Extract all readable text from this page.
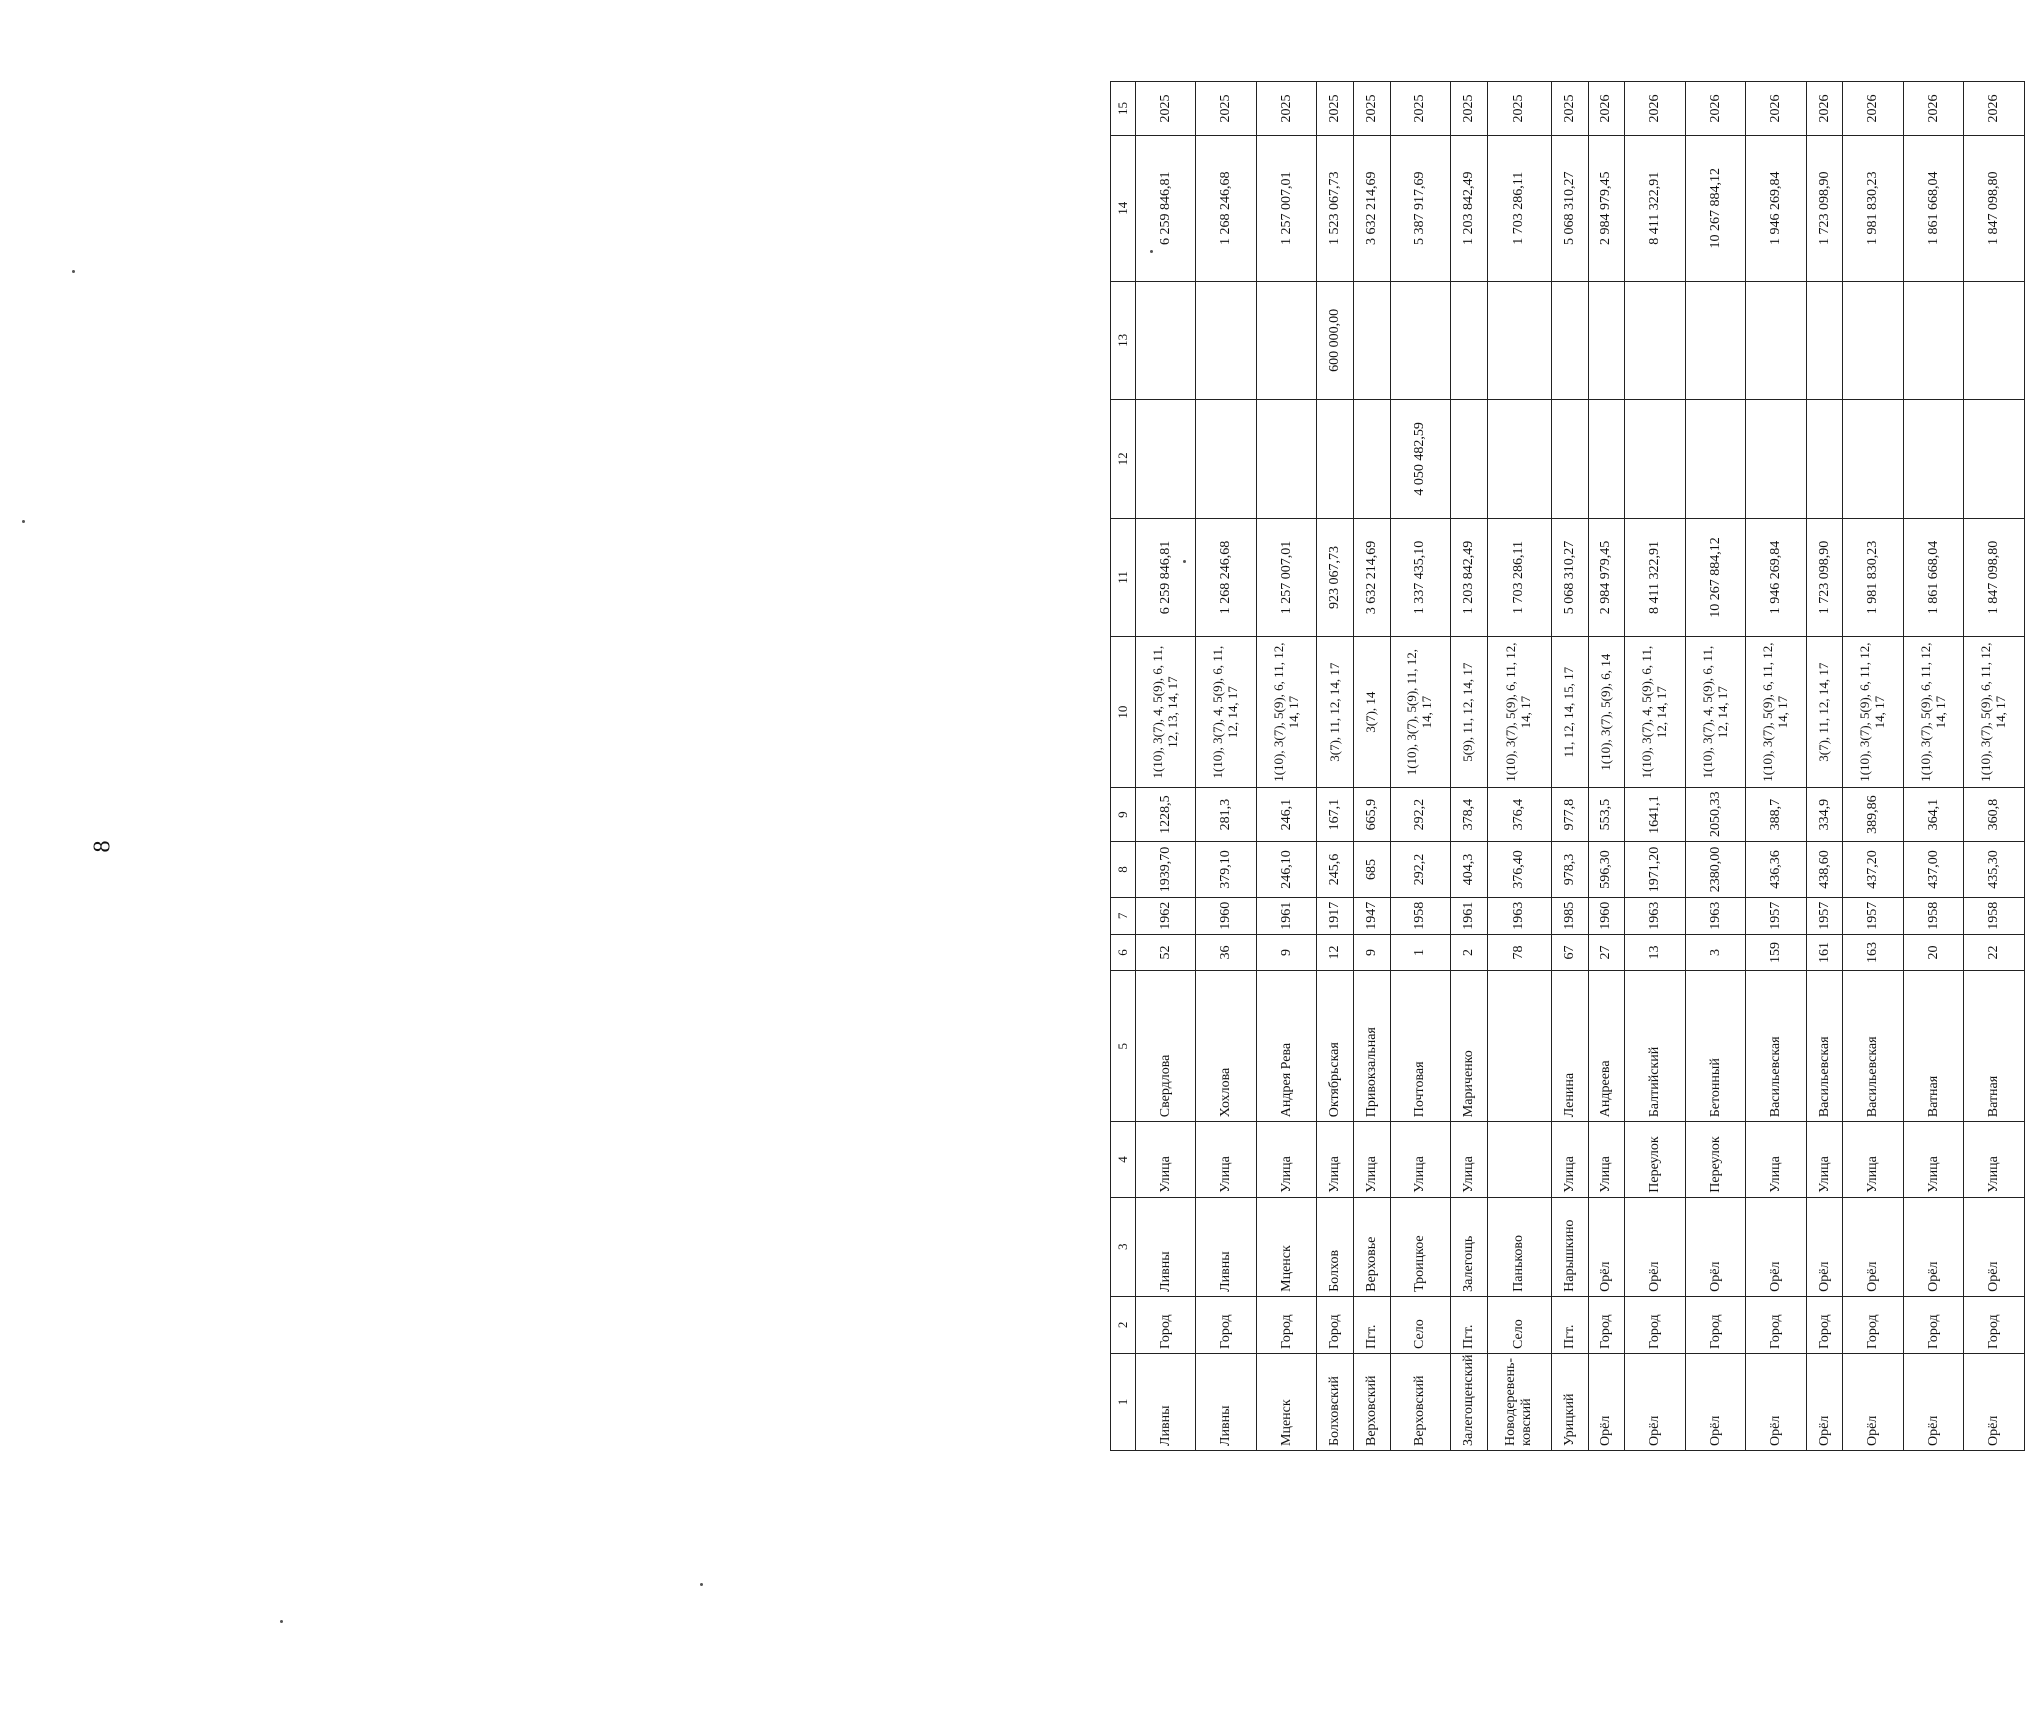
8
1	2	3	4	5	6	7	8	9	10	11	12	13	14	15
Ливны	Город	Ливны	Улица	Свердлова	52	1962	1939,70	1228,5	1(10), 3(7), 4, 5(9), 6, 11, 12, 13, 14, 17	6 259 846,81			6 259 846,81	2025
Ливны	Город	Ливны	Улица	Хохлова	36	1960	379,10	281,3	1(10), 3(7), 4, 5(9), 6, 11, 12, 14, 17	1 268 246,68			1 268 246,68	2025
Мценск	Город	Мценск	Улица	Андрея Рева	9	1961	246,10	246,1	1(10), 3(7), 5(9), 6, 11, 12, 14, 17	1 257 007,01			1 257 007,01	2025
Болховский	Город	Болхов	Улица	Октябрьская	12	1917	245,6	167,1	3(7), 11, 12, 14, 17	923 067,73		600 000,00	1 523 067,73	2025
Верховский	Пгт.	Верховье	Улица	Привокзальная	9	1947	685	665,9	3(7), 14	3 632 214,69			3 632 214,69	2025
Верховский	Село	Троицкое	Улица	Почтовая	1	1958	292,2	292,2	1(10), 3(7), 5(9), 11, 12, 14, 17	1 337 435,10	4 050 482,59		5 387 917,69	2025
Залегощенский	Пгт.	Залегощь	Улица	Мариченко	2	1961	404,3	378,4	5(9), 11, 12, 14, 17	1 203 842,49			1 203 842,49	2025
Новодеревень-ковский	Село	Паньково			78	1963	376,40	376,4	1(10), 3(7), 5(9), 6, 11, 12, 14, 17	1 703 286,11			1 703 286,11	2025
Урицкий	Пгт.	Нарышкино	Улица	Ленина	67	1985	978,3	977,8	11, 12, 14, 15, 17	5 068 310,27			5 068 310,27	2025
Орёл	Город	Орёл	Улица	Андреева	27	1960	596,30	553,5	1(10), 3(7), 5(9), 6, 14	2 984 979,45			2 984 979,45	2026
Орёл	Город	Орёл	Переулок	Балтийский	13	1963	1971,20	1641,1	1(10), 3(7), 4, 5(9), 6, 11, 12, 14, 17	8 411 322,91			8 411 322,91	2026
Орёл	Город	Орёл	Переулок	Бетонный	3	1963	2380,00	2050,33	1(10), 3(7), 4, 5(9), 6, 11, 12, 14, 17	10 267 884,12			10 267 884,12	2026
Орёл	Город	Орёл	Улица	Васильевская	159	1957	436,36	388,7	1(10), 3(7), 5(9), 6, 11, 12, 14, 17	1 946 269,84			1 946 269,84	2026
Орёл	Город	Орёл	Улица	Васильевская	161	1957	438,60	334,9	3(7), 11, 12, 14, 17	1 723 098,90			1 723 098,90	2026
Орёл	Город	Орёл	Улица	Васильевская	163	1957	437,20	389,86	1(10), 3(7), 5(9), 6, 11, 12, 14, 17	1 981 830,23			1 981 830,23	2026
Орёл	Город	Орёл	Улица	Ватная	20	1958	437,00	364,1	1(10), 3(7), 5(9), 6, 11, 12, 14, 17	1 861 668,04			1 861 668,04	2026
Орёл	Город	Орёл	Улица	Ватная	22	1958	435,30	360,8	1(10), 3(7), 5(9), 6, 11, 12, 14, 17	1 847 098,80			1 847 098,80	2026
